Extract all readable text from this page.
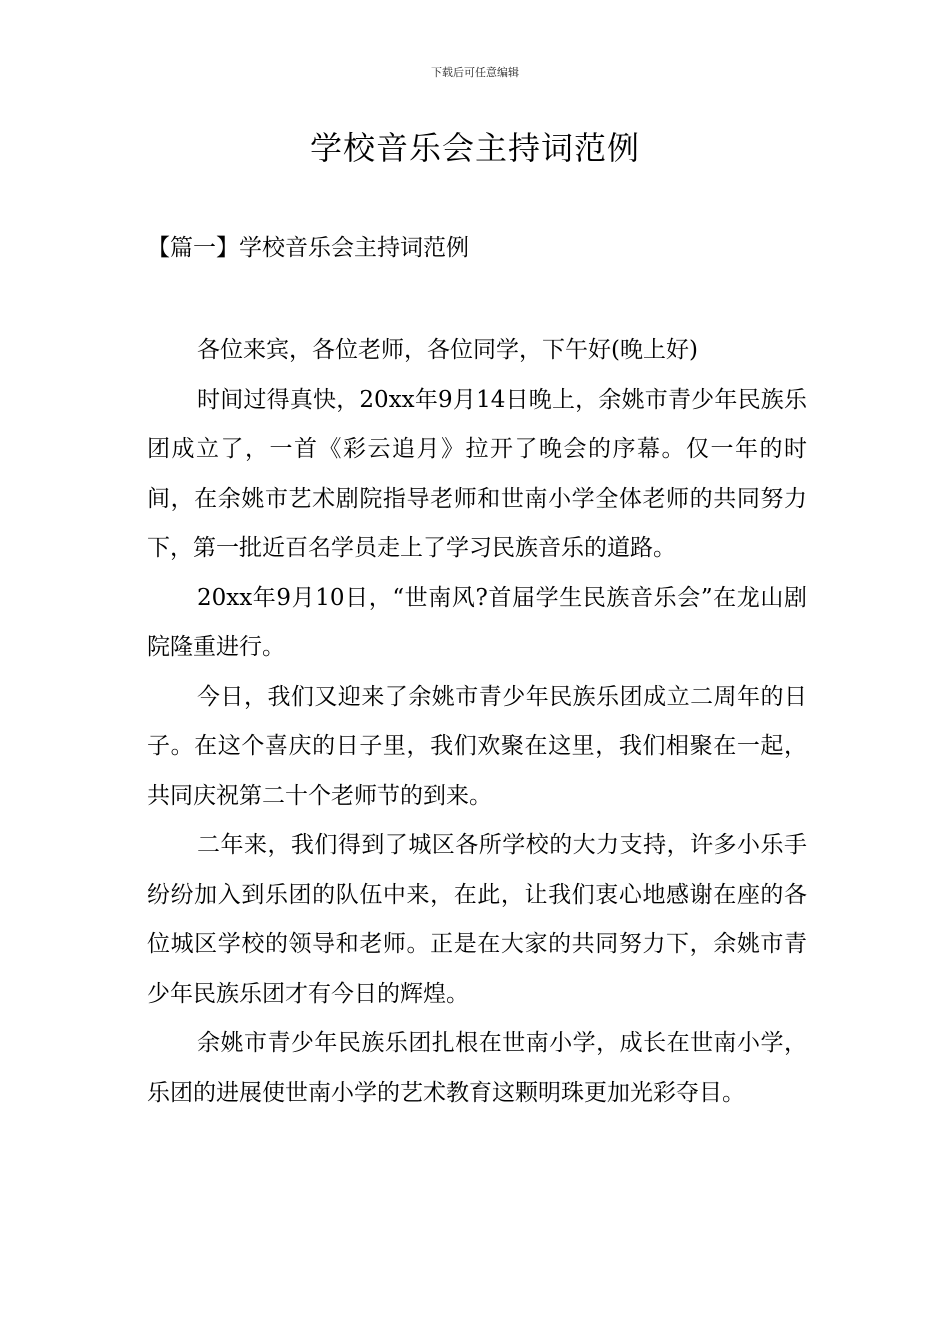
下载后可任意编辑
学校音乐会主持词范例
【篇一】学校音乐会主持词范例

各位来宾，各位老师，各位同学，下午好(晚上好)

时间过得真快，20xx年9月14日晚上，余姚市青少年民族乐团成立了，一首《彩云追月》拉开了晚会的序幕。仅一年的时间，在余姚市艺术剧院指导老师和世南小学全体老师的共同努力下，第一批近百名学员走上了学习民族音乐的道路。

20xx年9月10日，“世南风?首届学生民族音乐会”在龙山剧院隆重进行。

今日，我们又迎来了余姚市青少年民族乐团成立二周年的日子。在这个喜庆的日子里，我们欢聚在这里，我们相聚在一起，共同庆祝第二十个老师节的到来。

二年来，我们得到了城区各所学校的大力支持，许多小乐手纷纷加入到乐团的队伍中来，在此，让我们衷心地感谢在座的各位城区学校的领导和老师。正是在大家的共同努力下，余姚市青少年民族乐团才有今日的辉煌。

余姚市青少年民族乐团扎根在世南小学，成长在世南小学，乐团的进展使世南小学的艺术教育这颗明珠更加光彩夺目。
